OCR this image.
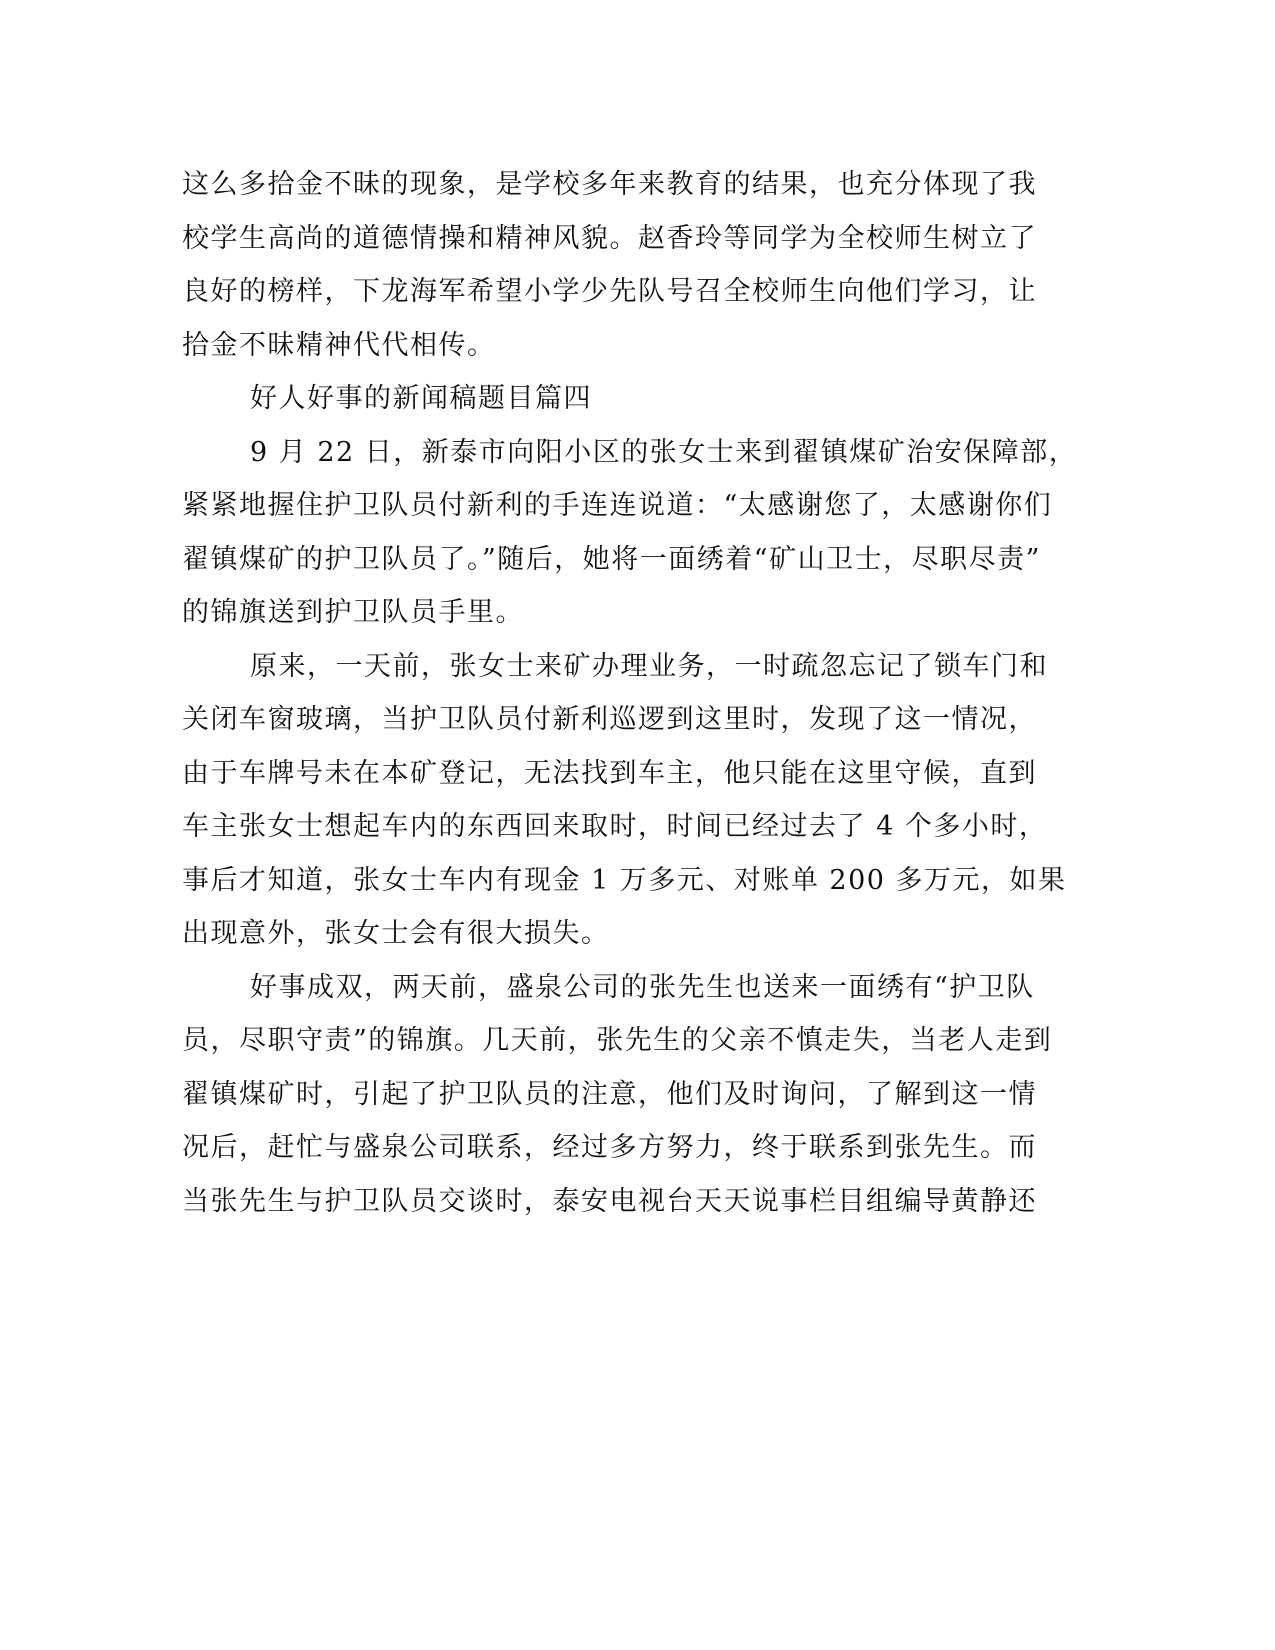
这么多拾金不昧的现象，是学校多年来教育的结果，也充分体现了我
校学生高尚的道德情操和精神风貌。赵香玲等同学为全校师生树立了
良好的榜样，下龙海军希望小学少先队号召全校师生向他们学习，让
拾金不昧精神代代相传。
好人好事的新闻稿题目篇四
9 月 22 日，新泰市向阳小区的张女士来到翟镇煤矿治安保障部，
紧紧地握住护卫队员付新利的手连连说道：“太感谢您了，太感谢你们
翟镇煤矿的护卫队员了。”随后，她将一面绣着“矿山卫士，尽职尽责”
的锦旗送到护卫队员手里。
原来，一天前，张女士来矿办理业务，一时疏忽忘记了锁车门和
关闭车窗玻璃，当护卫队员付新利巡逻到这里时，发现了这一情况，
由于车牌号未在本矿登记，无法找到车主，他只能在这里守候，直到
车主张女士想起车内的东西回来取时，时间已经过去了 4 个多小时，
事后才知道，张女士车内有现金 1 万多元、对账单 200 多万元，如果
出现意外，张女士会有很大损失。
好事成双，两天前，盛泉公司的张先生也送来一面绣有“护卫队
员，尽职守责”的锦旗。几天前，张先生的父亲不慎走失，当老人走到
翟镇煤矿时，引起了护卫队员的注意，他们及时询问，了解到这一情
况后，赶忙与盛泉公司联系，经过多方努力，终于联系到张先生。而
当张先生与护卫队员交谈时，泰安电视台天天说事栏目组编导黄静还
